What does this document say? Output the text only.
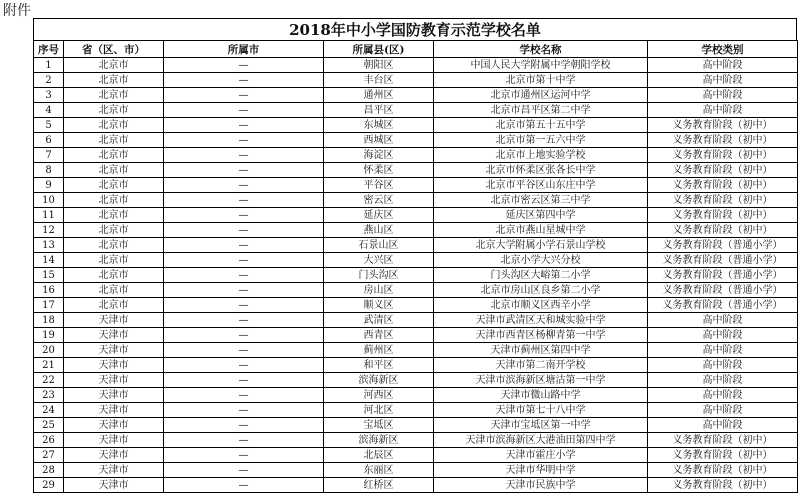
附件
2018年中小学国防教育示范学校名单
序号	省（区、市）	所属市	所属县(区)	学校名称	学校类别
1	北京市	—	朝阳区	中国人民大学附属中学朝阳学校	高中阶段
2	北京市	—	丰台区	北京市第十中学	高中阶段
3	北京市	—	通州区	北京市通州区运河中学	高中阶段
4	北京市	—	昌平区	北京市昌平区第二中学	高中阶段
5	北京市	—	东城区	北京市第五十五中学	义务教育阶段（初中）
6	北京市	—	西城区	北京市第一五六中学	义务教育阶段（初中）
7	北京市	—	海淀区	北京市上地实验学校	义务教育阶段（初中）
8	北京市	—	怀柔区	北京市怀柔区张各长中学	义务教育阶段（初中）
9	北京市	—	平谷区	北京市平谷区山东庄中学	义务教育阶段（初中）
10	北京市	—	密云区	北京市密云区第三中学	义务教育阶段（初中）
11	北京市	—	延庆区	延庆区第四中学	义务教育阶段（初中）
12	北京市	—	燕山区	北京市燕山星城中学	义务教育阶段（初中）
13	北京市	—	石景山区	北京大学附属小学石景山学校	义务教育阶段（普通小学）
14	北京市	—	大兴区	北京小学大兴分校	义务教育阶段（普通小学）
15	北京市	—	门头沟区	门头沟区大峪第二小学	义务教育阶段（普通小学）
16	北京市	—	房山区	北京市房山区良乡第二小学	义务教育阶段（普通小学）
17	北京市	—	顺义区	北京市顺义区西辛小学	义务教育阶段（普通小学）
18	天津市	—	武清区	天津市武清区天和城实验中学	高中阶段
19	天津市	—	西青区	天津市西青区杨柳青第一中学	高中阶段
20	天津市	—	蓟州区	天津市蓟州区第四中学	高中阶段
21	天津市	—	和平区	天津市第二南开学校	高中阶段
22	天津市	—	滨海新区	天津市滨海新区塘沽第一中学	高中阶段
23	天津市	—	河西区	天津市微山路中学	高中阶段
24	天津市	—	河北区	天津市第七十八中学	高中阶段
25	天津市	—	宝坻区	天津市宝坻区第一中学	高中阶段
26	天津市	—	滨海新区	天津市滨海新区大港油田第四中学	义务教育阶段（初中）
27	天津市	—	北辰区	天津市霍庄小学	义务教育阶段（初中）
28	天津市	—	东丽区	天津市华明中学	义务教育阶段（初中）
29	天津市	—	红桥区	天津市民族中学	义务教育阶段（初中）
